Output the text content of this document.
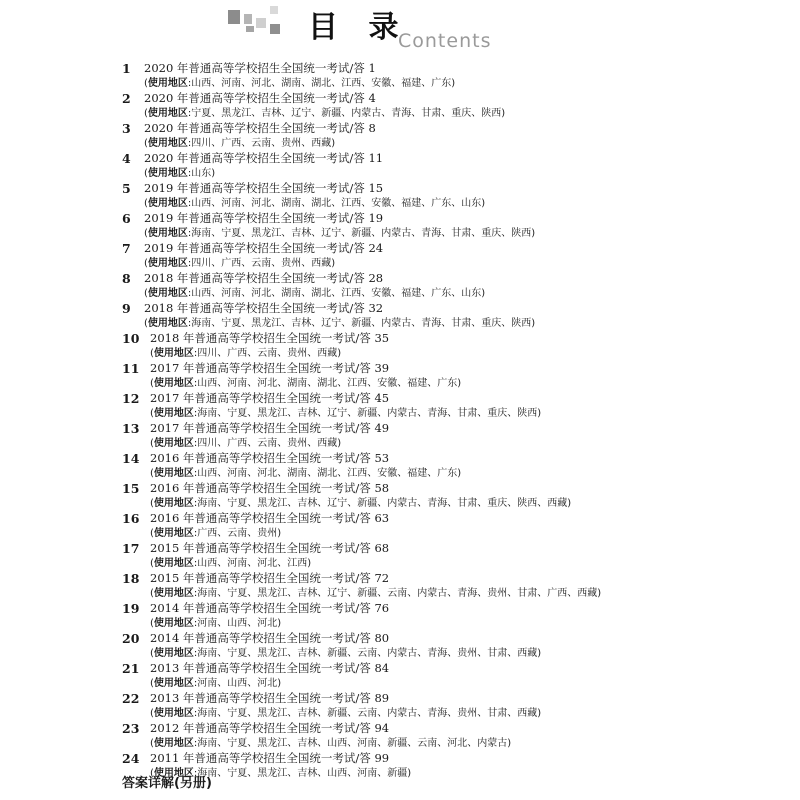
目 录
Contents
1 2020 年普通高等学校招生全国统一考试/答 1
(使用地区:山西、河南、河北、湖南、湖北、江西、安徽、福建、广东)
2 2020 年普通高等学校招生全国统一考试/答 4
(使用地区:宁夏、黑龙江、吉林、辽宁、新疆、内蒙古、青海、甘肃、重庆、陕西)
3 2020 年普通高等学校招生全国统一考试/答 8
(使用地区:四川、广西、云南、贵州、西藏)
4 2020 年普通高等学校招生全国统一考试/答 11
(使用地区:山东)
5 2019 年普通高等学校招生全国统一考试/答 15
(使用地区:山西、河南、河北、湖南、湖北、江西、安徽、福建、广东、山东)
6 2019 年普通高等学校招生全国统一考试/答 19
(使用地区:海南、宁夏、黑龙江、吉林、辽宁、新疆、内蒙古、青海、甘肃、重庆、陕西)
7 2019 年普通高等学校招生全国统一考试/答 24
(使用地区:四川、广西、云南、贵州、西藏)
8 2018 年普通高等学校招生全国统一考试/答 28
(使用地区:山西、河南、河北、湖南、湖北、江西、安徽、福建、广东、山东)
9 2018 年普通高等学校招生全国统一考试/答 32
(使用地区:海南、宁夏、黑龙江、吉林、辽宁、新疆、内蒙古、青海、甘肃、重庆、陕西)
10 2018 年普通高等学校招生全国统一考试/答 35
(使用地区:四川、广西、云南、贵州、西藏)
11 2017 年普通高等学校招生全国统一考试/答 39
(使用地区:山西、河南、河北、湖南、湖北、江西、安徽、福建、广东)
12 2017 年普通高等学校招生全国统一考试/答 45
(使用地区:海南、宁夏、黑龙江、吉林、辽宁、新疆、内蒙古、青海、甘肃、重庆、陕西)
13 2017 年普通高等学校招生全国统一考试/答 49
(使用地区:四川、广西、云南、贵州、西藏)
14 2016 年普通高等学校招生全国统一考试/答 53
(使用地区:山西、河南、河北、湖南、湖北、江西、安徽、福建、广东)
15 2016 年普通高等学校招生全国统一考试/答 58
(使用地区:海南、宁夏、黑龙江、吉林、辽宁、新疆、内蒙古、青海、甘肃、重庆、陕西、西藏)
16 2016 年普通高等学校招生全国统一考试/答 63
(使用地区:广西、云南、贵州)
17 2015 年普通高等学校招生全国统一考试/答 68
(使用地区:山西、河南、河北、江西)
18 2015 年普通高等学校招生全国统一考试/答 72
(使用地区:海南、宁夏、黑龙江、吉林、辽宁、新疆、云南、内蒙古、青海、贵州、甘肃、广西、西藏)
19 2014 年普通高等学校招生全国统一考试/答 76
(使用地区:河南、山西、河北)
20 2014 年普通高等学校招生全国统一考试/答 80
(使用地区:海南、宁夏、黑龙江、吉林、新疆、云南、内蒙古、青海、贵州、甘肃、西藏)
21 2013 年普通高等学校招生全国统一考试/答 84
(使用地区:河南、山西、河北)
22 2013 年普通高等学校招生全国统一考试/答 89
(使用地区:海南、宁夏、黑龙江、吉林、新疆、云南、内蒙古、青海、贵州、甘肃、西藏)
23 2012 年普通高等学校招生全国统一考试/答 94
(使用地区:海南、宁夏、黑龙江、吉林、山西、河南、新疆、云南、河北、内蒙古)
24 2011 年普通高等学校招生全国统一考试/答 99
(使用地区:海南、宁夏、黑龙江、吉林、山西、河南、新疆)
答案详解(另册)
